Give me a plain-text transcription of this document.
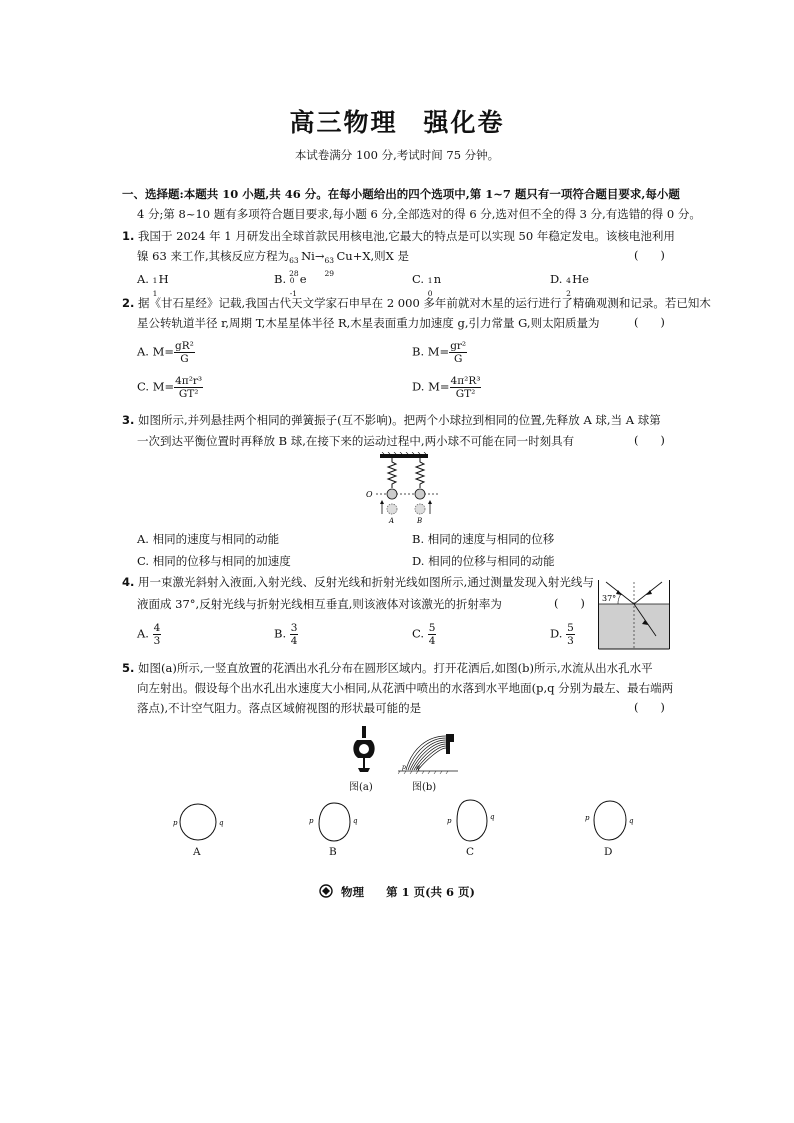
高三物理 强化卷
本试卷满分 100 分,考试时间 75 分钟。
一、选择题:本题共 10 小题,共 46 分。在每小题给出的四个选项中,第 1~7 题只有一项符合题目要求,每小题
4 分;第 8~10 题有多项符合题目要求,每小题 6 分,全部选对的得 6 分,选对但不全的得 3 分,有选错的得 0 分。
1. 我国于 2024 年 1 月研发出全球首款民用核电池,它最大的特点是可以实现 50 年稳定发电。该核电池利用
镍 63 来工作,其核反应方程为 63
28
Ni→ 63
29
Cu+X,则X 是	(      )
A. 1
1
H	B. 0
-1
e	C. 1
0
n	D. 4
2
He
2. 据《甘石星经》记载,我国古代天文学家石申早在 2 000 多年前就对木星的运行进行了精确观测和记录。若已知木
星公转轨道半径 r,周期 T,木星星体半径 R,木星表面重力加速度 g,引力常量 G,则太阳质量为	(      )
A. $M= \frac{\text{gR²}}{G}$	B. $M= \frac{\text{gr²}}{G}$
C. $M= \frac{\text{4π²r³}}{\text{GT²}}$	D. $M= \frac{\text{4π²R³}}{\text{GT²}}$
3. 如图所示,并列悬挂两个相同的弹簧振子(互不影响)。把两个小球拉到相同的位置,先释放 A 球,当 A 球第
一次到达平衡位置时再释放 B 球,在接下来的运动过程中,两小球不可能在同一时刻具有	(      )
O
A	B
A. 相同的速度与相同的动能	B. 相同的速度与相同的位移
C. 相同的位移与相同的加速度	D. 相同的位移与相同的动能
4. 用一束激光斜射入液面,入射光线、反射光线和折射光线如图所示,通过测量发现入射光线与
液面成 37°,反射光线与折射光线相互垂直,则该液体对该激光的折射率为	(      ) 37°
A. $\frac{4}{3}$	B. $\frac{3}{4}$	C. $\frac{5}{4}$	D. $\frac{5}{3}$
5. 如图(a)所示,一竖直放置的花洒出水孔分布在圆形区域内。打开花洒后,如图(b)所示,水流从出水孔水平
向左射出。假设每个出水孔出水速度大小相同,从花洒中喷出的水落到水平地面(p,q 分别为最左、最右端两
落点),不计空气阻力。落点区域俯视图的形状最可能的是	(      )
图(a)
p q
图(b)
p	q
A
p	q
B
p	q
C
p	q
D
物理 第 1 页(共 6 页)
